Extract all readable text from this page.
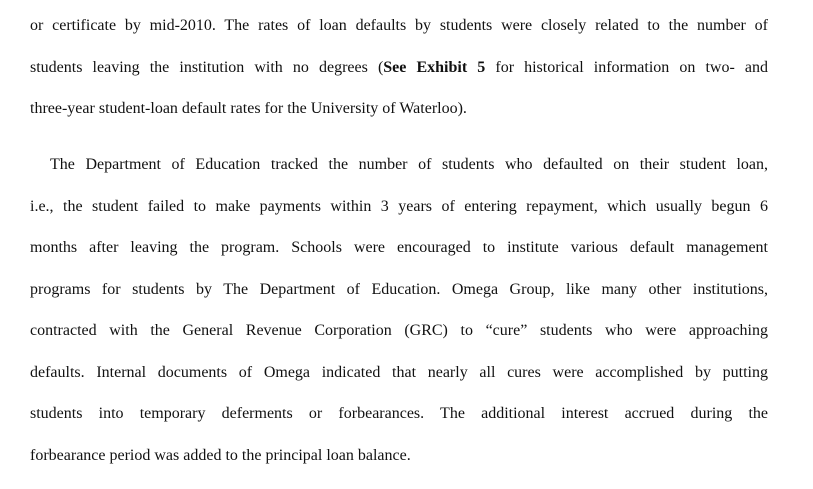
or certificate by mid-2010. The rates of loan defaults by students were closely related to the number of
students leaving the institution with no degrees (See Exhibit 5 for historical information on two- and
three-year student-loan default rates for the University of Waterloo).
The Department of Education tracked the number of students who defaulted on their student loan,
i.e., the student failed to make payments within 3 years of entering repayment, which usually begun 6
months after leaving the program. Schools were encouraged to institute various default management
programs for students by The Department of Education. Omega Group, like many other institutions,
contracted with the General Revenue Corporation (GRC) to “cure” students who were approaching
defaults. Internal documents of Omega indicated that nearly all cures were accomplished by putting
students into temporary deferments or forbearances. The additional interest accrued during the
forbearance period was added to the principal loan balance.
